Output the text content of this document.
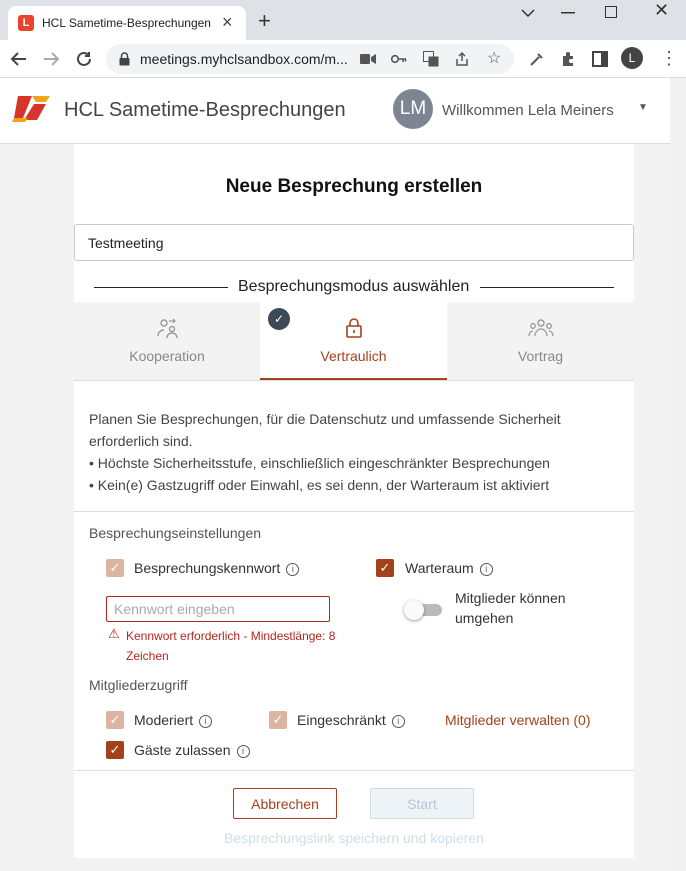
L	HCL Sametime-Besprechungen × +	✕
meetings.myhclsandbox.com/m...	☆	L	⋮
HCL Sametime-Besprechungen	LM	Willkommen Lela Meiners ▼
Neue Besprechung erstellen
Testmeeting
Besprechungsmodus auswählen
Kooperation	Vertraulich	Vortrag
✓
Planen Sie Besprechungen, für die Datenschutz und umfassende Sicherheit erforderlich sind.
• Höchste Sicherheitsstufe, einschließlich eingeschränkter Besprechungen
• Kein(e) Gastzugriff oder Einwahl, es sei denn, der Warteraum ist aktiviert
Besprechungseinstellungen
✓ Besprechungskennwort i	✓ Warteraum i
⚠ Kennwort erforderlich - Mindestlänge: 8 Zeichen
Mitglieder können umgehen
Mitgliederzugriff
✓ Moderiert i	✓ Eingeschränkt i	Mitglieder verwalten (0)
✓ Gäste zulassen i
Abbrechen	Start
Besprechungslink speichern und kopieren
